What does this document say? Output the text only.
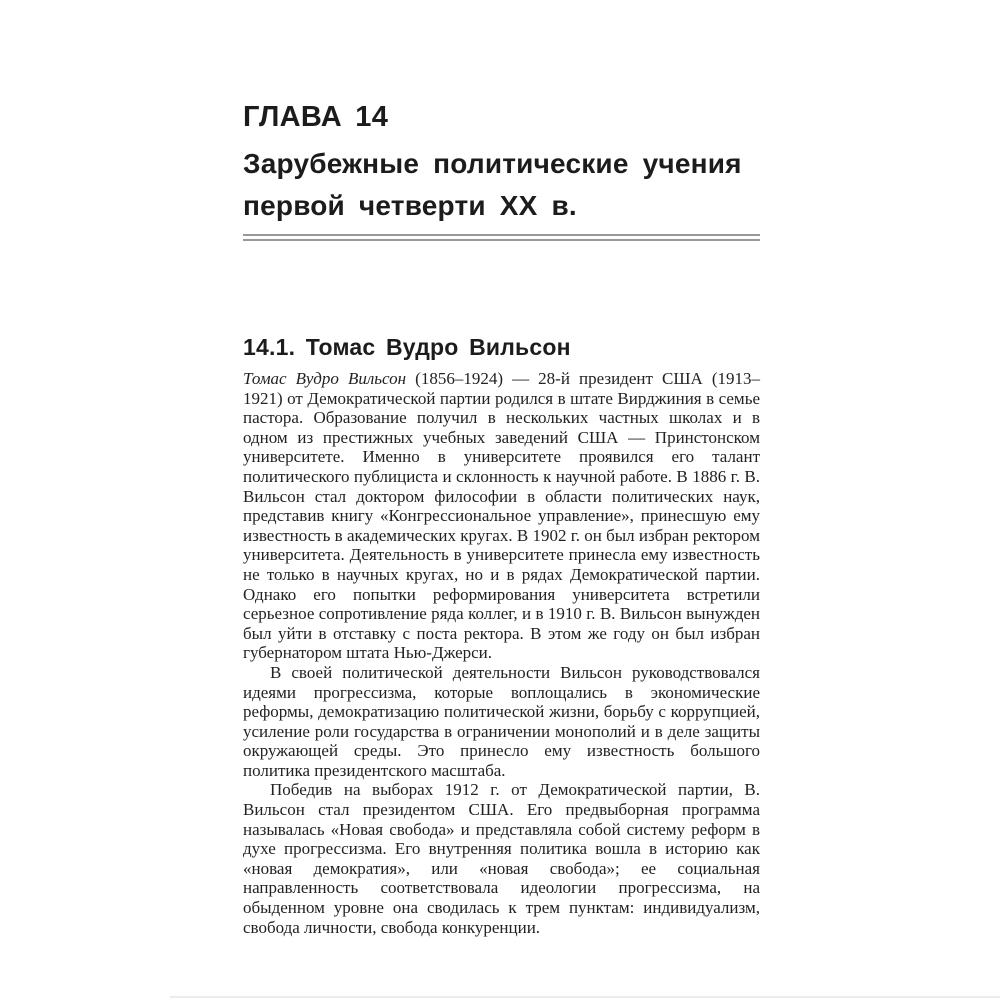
ГЛАВА 14
Зарубежные политические учения первой четверти XX в.
14.1. Томас Вудро Вильсон

Томас Вудро Вильсон (1856–1924) — 28-й президент США (1913–1921) от Демократической партии родился в штате Вирджиния в семье пастора. Образование получил в нескольких частных школах и в одном из престижных учебных заведений США — Принстонском университете. Именно в университете проявился его талант политического публициста и склонность к научной работе. В 1886 г. В. Вильсон стал доктором философии в области политических наук, представив книгу «Конгрессиональное управление», принесшую ему известность в академических кругах. В 1902 г. он был избран ректором университета. Деятельность в университете принесла ему известность не только в научных кругах, но и в рядах Демократической партии. Однако его попытки реформирования университета встретили серьезное сопротивление ряда коллег, и в 1910 г. В. Вильсон вынужден был уйти в отставку с поста ректора. В этом же году он был избран губернатором штата Нью-Джерси.

В своей политической деятельности Вильсон руководствовался идеями прогрессизма, которые воплощались в экономические реформы, демократизацию политической жизни, борьбу с коррупцией, усиление роли государства в ограничении монополий и в деле защиты окружающей среды. Это принесло ему известность большого политика президентского масштаба.

Победив на выборах 1912 г. от Демократической партии, В. Вильсон стал президентом США. Его предвыборная программа называлась «Новая свобода» и представляла собой систему реформ в духе прогрессизма. Его внутренняя политика вошла в историю как «новая демократия», или «новая свобода»; ее социальная направленность соответствовала идеологии прогрессизма, на обыденном уровне она сводилась к трем пунктам: индивидуализм, свобода личности, свобода конкуренции.
